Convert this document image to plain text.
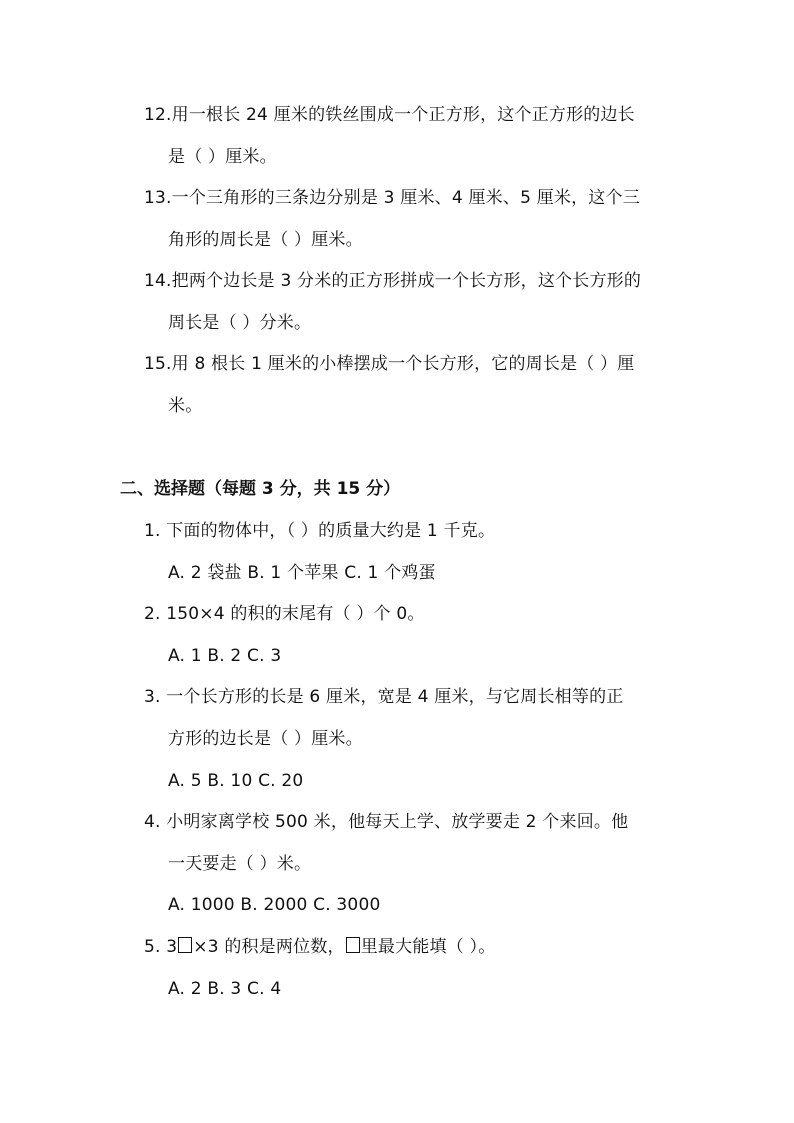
12.用一根长 24 厘米的铁丝围成一个正方形，这个正方形的边长
是（ ）厘米。
13.一个三角形的三条边分别是 3 厘米、4 厘米、5 厘米，这个三
角形的周长是（ ）厘米。
14.把两个边长是 3 分米的正方形拼成一个长方形，这个长方形的
周长是（ ）分米。
15.用 8 根长 1 厘米的小棒摆成一个长方形，它的周长是（ ）厘
米。
二、选择题（每题 3 分，共 15 分）
1. 下面的物体中，（ ）的质量大约是 1 千克。
A. 2 袋盐 B. 1 个苹果 C. 1 个鸡蛋
2. 150×4 的积的末尾有（ ）个 0。
A. 1 B. 2 C. 3
3. 一个长方形的长是 6 厘米，宽是 4 厘米，与它周长相等的正
方形的边长是（ ）厘米。
A. 5 B. 10 C. 20
4. 小明家离学校 500 米，他每天上学、放学要走 2 个来回。他
一天要走（ ）米。
A. 1000 B. 2000 C. 3000
5. 3 ×3 的积是两位数， 里最大能填（ ）。
A. 2 B. 3 C. 4
